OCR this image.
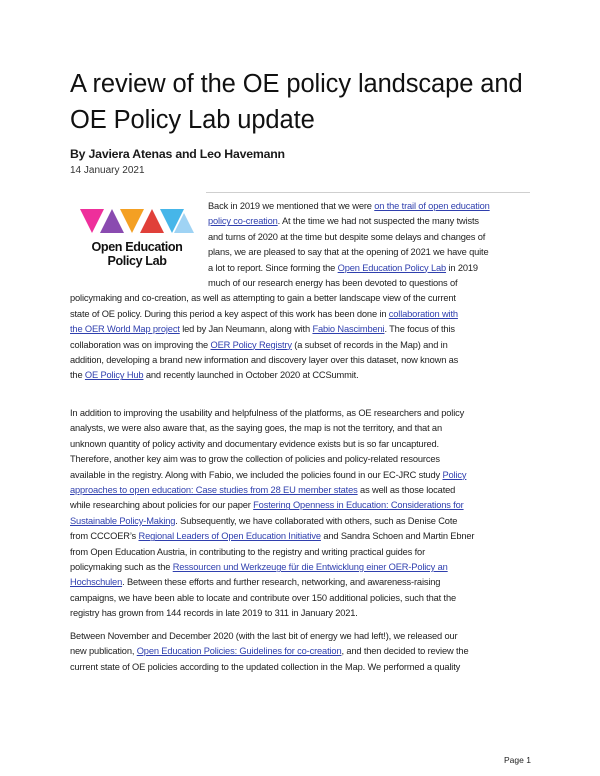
A review of the OE policy landscape and
OE Policy Lab update
By Javiera Atenas and Leo Havemann
14 January 2021
Open Education
Policy Lab
Back in 2019 we mentioned that we were on the trail of open education
policy co-creation. At the time we had not suspected the many twists
and turns of 2020 at the time but despite some delays and changes of
plans, we are pleased to say that at the opening of 2021 we have quite
a lot to report. Since forming the Open Education Policy Lab in 2019
much of our research energy has been devoted to questions of
policymaking and co-creation, as well as attempting to gain a better landscape view of the current
state of OE policy. During this period a key aspect of this work has been done in collaboration with
the OER World Map project led by Jan Neumann, along with Fabio Nascimbeni. The focus of this
collaboration was on improving the OER Policy Registry (a subset of records in the Map) and in
addition, developing a brand new information and discovery layer over this dataset, now known as
the OE Policy Hub and recently launched in October 2020 at CCSummit.
In addition to improving the usability and helpfulness of the platforms, as OE researchers and policy
analysts, we were also aware that, as the saying goes, the map is not the territory, and that an
unknown quantity of policy activity and documentary evidence exists but is so far uncaptured.
Therefore, another key aim was to grow the collection of policies and policy-related resources
available in the registry. Along with Fabio, we included the policies found in our EC-JRC study Policy
approaches to open education: Case studies from 28 EU member states as well as those located
while researching about policies for our paper Fostering Openness in Education: Considerations for
Sustainable Policy-Making. Subsequently, we have collaborated with others, such as Denise Cote
from CCCOER’s Regional Leaders of Open Education Initiative and Sandra Schoen and Martin Ebner
from Open Education Austria, in contributing to the registry and writing practical guides for
policymaking such as the Ressourcen und Werkzeuge für die Entwicklung einer OER-Policy an
Hochschulen. Between these efforts and further research, networking, and awareness-raising
campaigns, we have been able to locate and contribute over 150 additional policies, such that the
registry has grown from 144 records in late 2019 to 311 in January 2021.
Between November and December 2020 (with the last bit of energy we had left!), we released our
new publication, Open Education Policies: Guidelines for co-creation, and then decided to review the
current state of OE policies according to the updated collection in the Map. We performed a quality
Page 1
